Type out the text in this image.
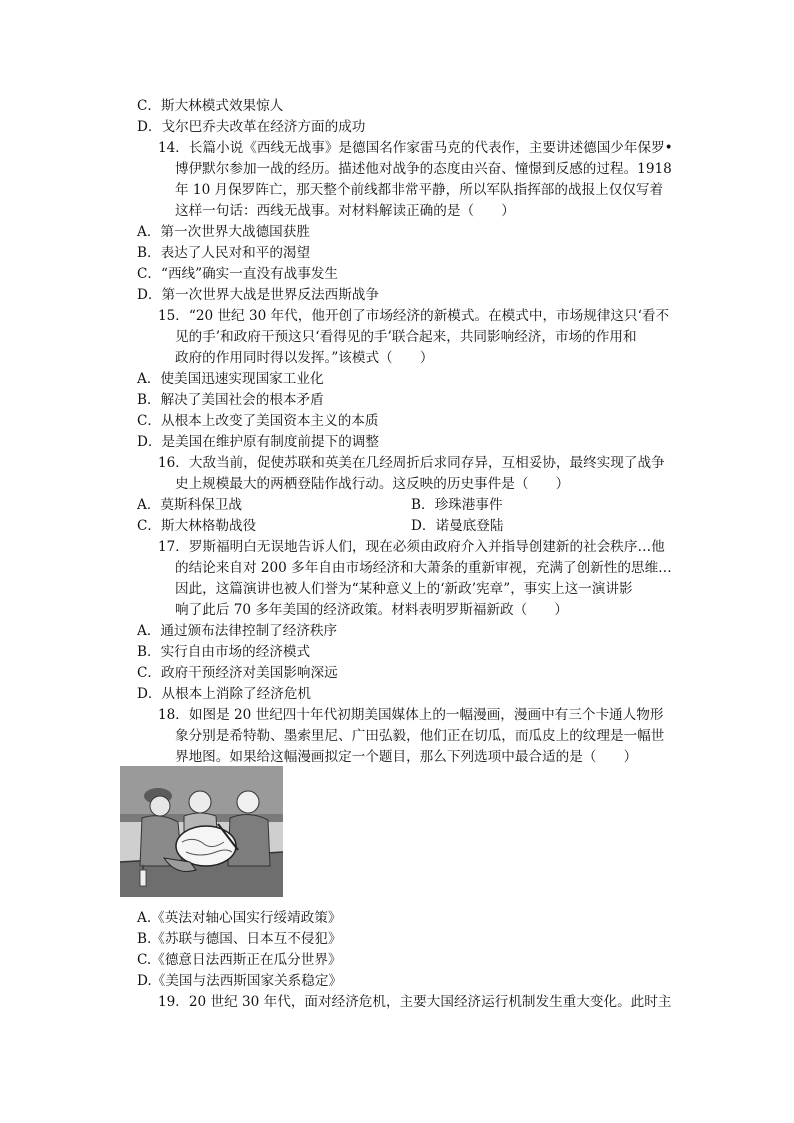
C．斯大林模式效果惊人
D．戈尔巴乔夫改革在经济方面的成功
14．长篇小说《西线无战事》是德国名作家雷马克的代表作，主要讲述德国少年保罗•
博伊默尔参加一战的经历。描述他对战争的态度由兴奋、憧憬到反感的过程。1918
年 10 月保罗阵亡，那天整个前线都非常平静，所以军队指挥部的战报上仅仅写着
这样一句话：西线无战事。对材料解读正确的是（　　）
A．第一次世界大战德国获胜
B．表达了人民对和平的渴望
C．“西线”确实一直没有战事发生
D．第一次世界大战是世界反法西斯战争
15．“20 世纪 30 年代，他开创了市场经济的新模式。在模式中，市场规律这只‘看不
见的手’和政府干预这只‘看得见的手’联合起来，共同影响经济，市场的作用和
政府的作用同时得以发挥。”该模式（　　）
A．使美国迅速实现国家工业化
B．解决了美国社会的根本矛盾
C．从根本上改变了美国资本主义的本质
D．是美国在维护原有制度前提下的调整
16．大敌当前，促使苏联和英美在几经周折后求同存异，互相妥协，最终实现了战争
史上规模最大的两栖登陆作战行动。这反映的历史事件是（　　）
A．莫斯科保卫战	B．珍珠港事件
C．斯大林格勒战役	D．诺曼底登陆
17．罗斯福明白无误地告诉人们，现在必须由政府介入并指导创建新的社会秩序…他
的结论来自对 200 多年自由市场经济和大萧条的重新审视，充满了创新性的思维…
因此，这篇演讲也被人们誉为“某种意义上的‘新政’宪章”，事实上这一演讲影
响了此后 70 多年美国的经济政策。材料表明罗斯福新政（　　）
A．通过颁布法律控制了经济秩序
B．实行自由市场的经济模式
C．政府干预经济对美国影响深远
D．从根本上消除了经济危机
18．如图是 20 世纪四十年代初期美国媒体上的一幅漫画，漫画中有三个卡通人物形
象分别是希特勒、墨索里尼、广田弘毅，他们正在切瓜，而瓜皮上的纹理是一幅世
界地图。如果给这幅漫画拟定一个题目，那么下列选项中最合适的是（　　）
A.《英法对轴心国实行绥靖政策》
B.《苏联与德国、日本互不侵犯》
C.《德意日法西斯正在瓜分世界》
D.《美国与法西斯国家关系稳定》
19．20 世纪 30 年代，面对经济危机，主要大国经济运行机制发生重大变化。此时主
